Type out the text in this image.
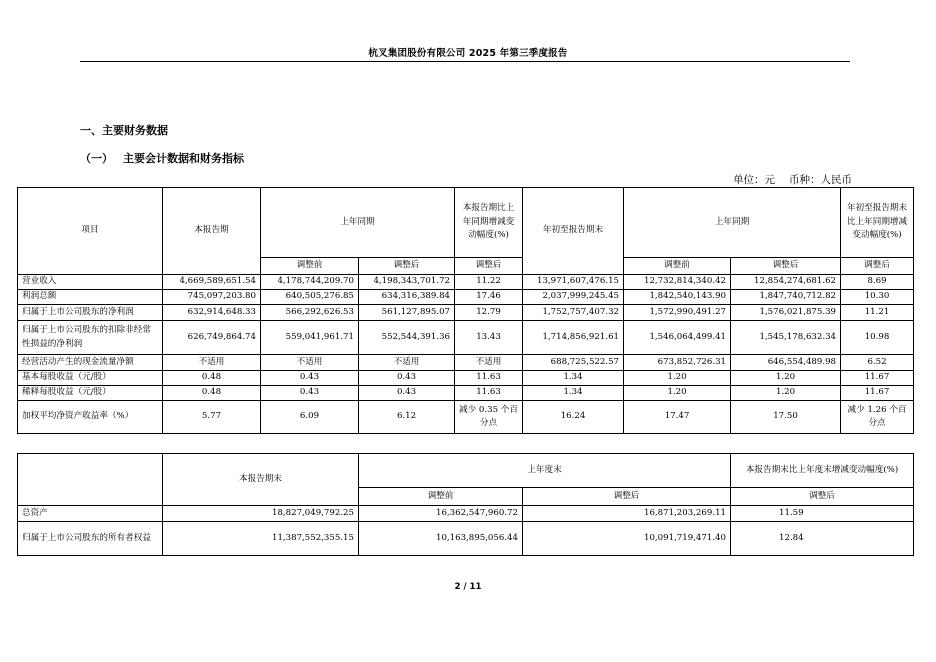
杭叉集团股份有限公司 2025 年第三季度报告
一、主要财务数据
（一） 主要会计数据和财务指标
单位：元 币种：人民币
项目	本报告期	上年同期		本报告期比上年同期增减变动幅度(%)	年初至报告期末	上年同期		年初至报告期末比上年同期增减变动幅度(%)
		调整前	调整后	调整后		调整前	调整后	调整后
营业收入	4,669,589,651.54	4,178,744,209.70	4,198,343,701.72	11.22	13,971,607,476.15	12,732,814,340.42	12,854,274,681.62	8.69
利润总额	745,097,203.80	640,505,276.85	634,316,389.84	17.46	2,037,999,245.45	1,842,540,143.90	1,847,740,712.82	10.30
归属于上市公司股东的净利润	632,914,648.33	566,292,626.53	561,127,895.07	12.79	1,752,757,407.32	1,572,990,491.27	1,576,021,875.39	11.21
归属于上市公司股东的扣除非经常性损益的净利润	626,749,864.74	559,041,961.71	552,544,391.36	13.43	1,714,856,921.61	1,546,064,499.41	1,545,178,632.34	10.98
经营活动产生的现金流量净额	不适用	不适用	不适用	不适用	688,725,522.57	673,852,726.31	646,554,489.98	6.52
基本每股收益（元/股）	0.48	0.43	0.43	11.63	1.34	1.20	1.20	11.67
稀释每股收益（元/股）	0.48	0.43	0.43	11.63	1.34	1.20	1.20	11.67
加权平均净资产收益率（%）	5.77	6.09	6.12	减少 0.35 个百分点	16.24	17.47	17.50	减少 1.26 个百分点
	本报告期末	上年度末		本报告期末比上年度末增减变动幅度(%)
		调整前	调整后	调整后
总资产	18,827,049,792.25	16,362,547,960.72	16,871,203,269.11	11.59
归属于上市公司股东的所有者权益	11,387,552,355.15	10,163,895,056.44	10,091,719,471.40	12.84
2 / 11
